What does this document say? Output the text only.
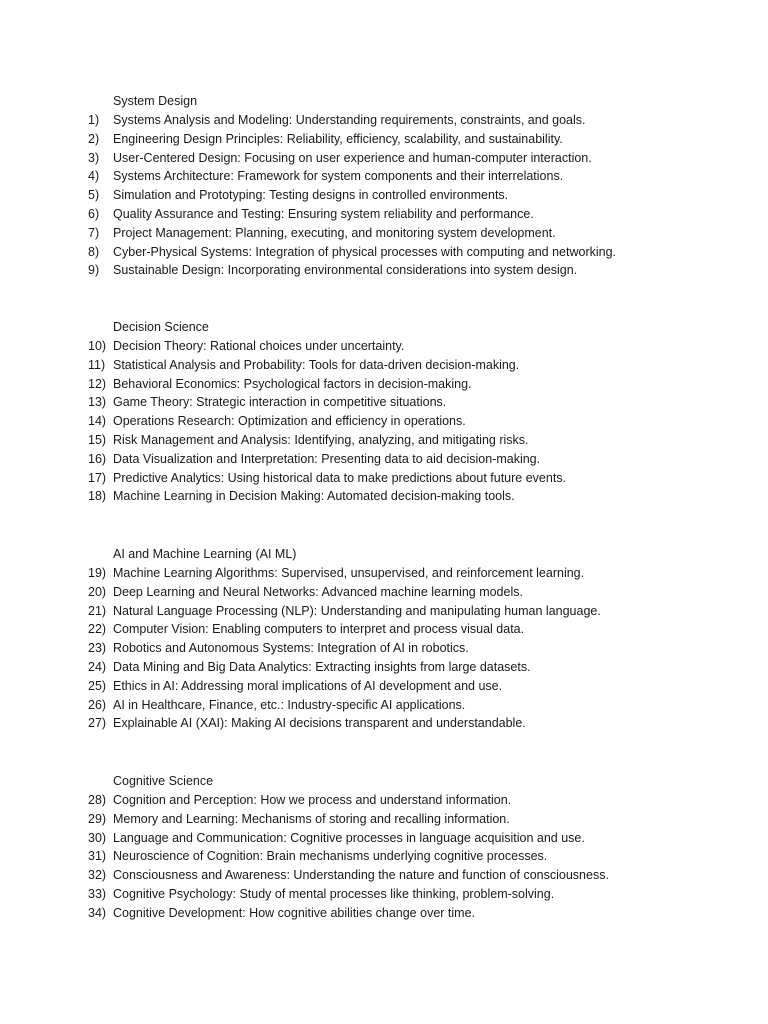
System Design
1)	Systems Analysis and Modeling: Understanding requirements, constraints, and goals.
2)	Engineering Design Principles: Reliability, efficiency, scalability, and sustainability.
3)	User-Centered Design: Focusing on user experience and human-computer interaction.
4)	Systems Architecture: Framework for system components and their interrelations.
5)	Simulation and Prototyping: Testing designs in controlled environments.
6)	Quality Assurance and Testing: Ensuring system reliability and performance.
7)	Project Management: Planning, executing, and monitoring system development.
8)	Cyber-Physical Systems: Integration of physical processes with computing and networking.
9)	Sustainable Design: Incorporating environmental considerations into system design.
Decision Science
10) Decision Theory: Rational choices under uncertainty.
11) Statistical Analysis and Probability: Tools for data-driven decision-making.
12) Behavioral Economics: Psychological factors in decision-making.
13) Game Theory: Strategic interaction in competitive situations.
14) Operations Research: Optimization and efficiency in operations.
15) Risk Management and Analysis: Identifying, analyzing, and mitigating risks.
16) Data Visualization and Interpretation: Presenting data to aid decision-making.
17) Predictive Analytics: Using historical data to make predictions about future events.
18) Machine Learning in Decision Making: Automated decision-making tools.
AI and Machine Learning (AI ML)
19) Machine Learning Algorithms: Supervised, unsupervised, and reinforcement learning.
20) Deep Learning and Neural Networks: Advanced machine learning models.
21) Natural Language Processing (NLP): Understanding and manipulating human language.
22) Computer Vision: Enabling computers to interpret and process visual data.
23) Robotics and Autonomous Systems: Integration of AI in robotics.
24) Data Mining and Big Data Analytics: Extracting insights from large datasets.
25) Ethics in AI: Addressing moral implications of AI development and use.
26) AI in Healthcare, Finance, etc.: Industry-specific AI applications.
27) Explainable AI (XAI): Making AI decisions transparent and understandable.
Cognitive Science
28) Cognition and Perception: How we process and understand information.
29) Memory and Learning: Mechanisms of storing and recalling information.
30) Language and Communication: Cognitive processes in language acquisition and use.
31) Neuroscience of Cognition: Brain mechanisms underlying cognitive processes.
32) Consciousness and Awareness: Understanding the nature and function of consciousness.
33) Cognitive Psychology: Study of mental processes like thinking, problem-solving.
34) Cognitive Development: How cognitive abilities change over time.
